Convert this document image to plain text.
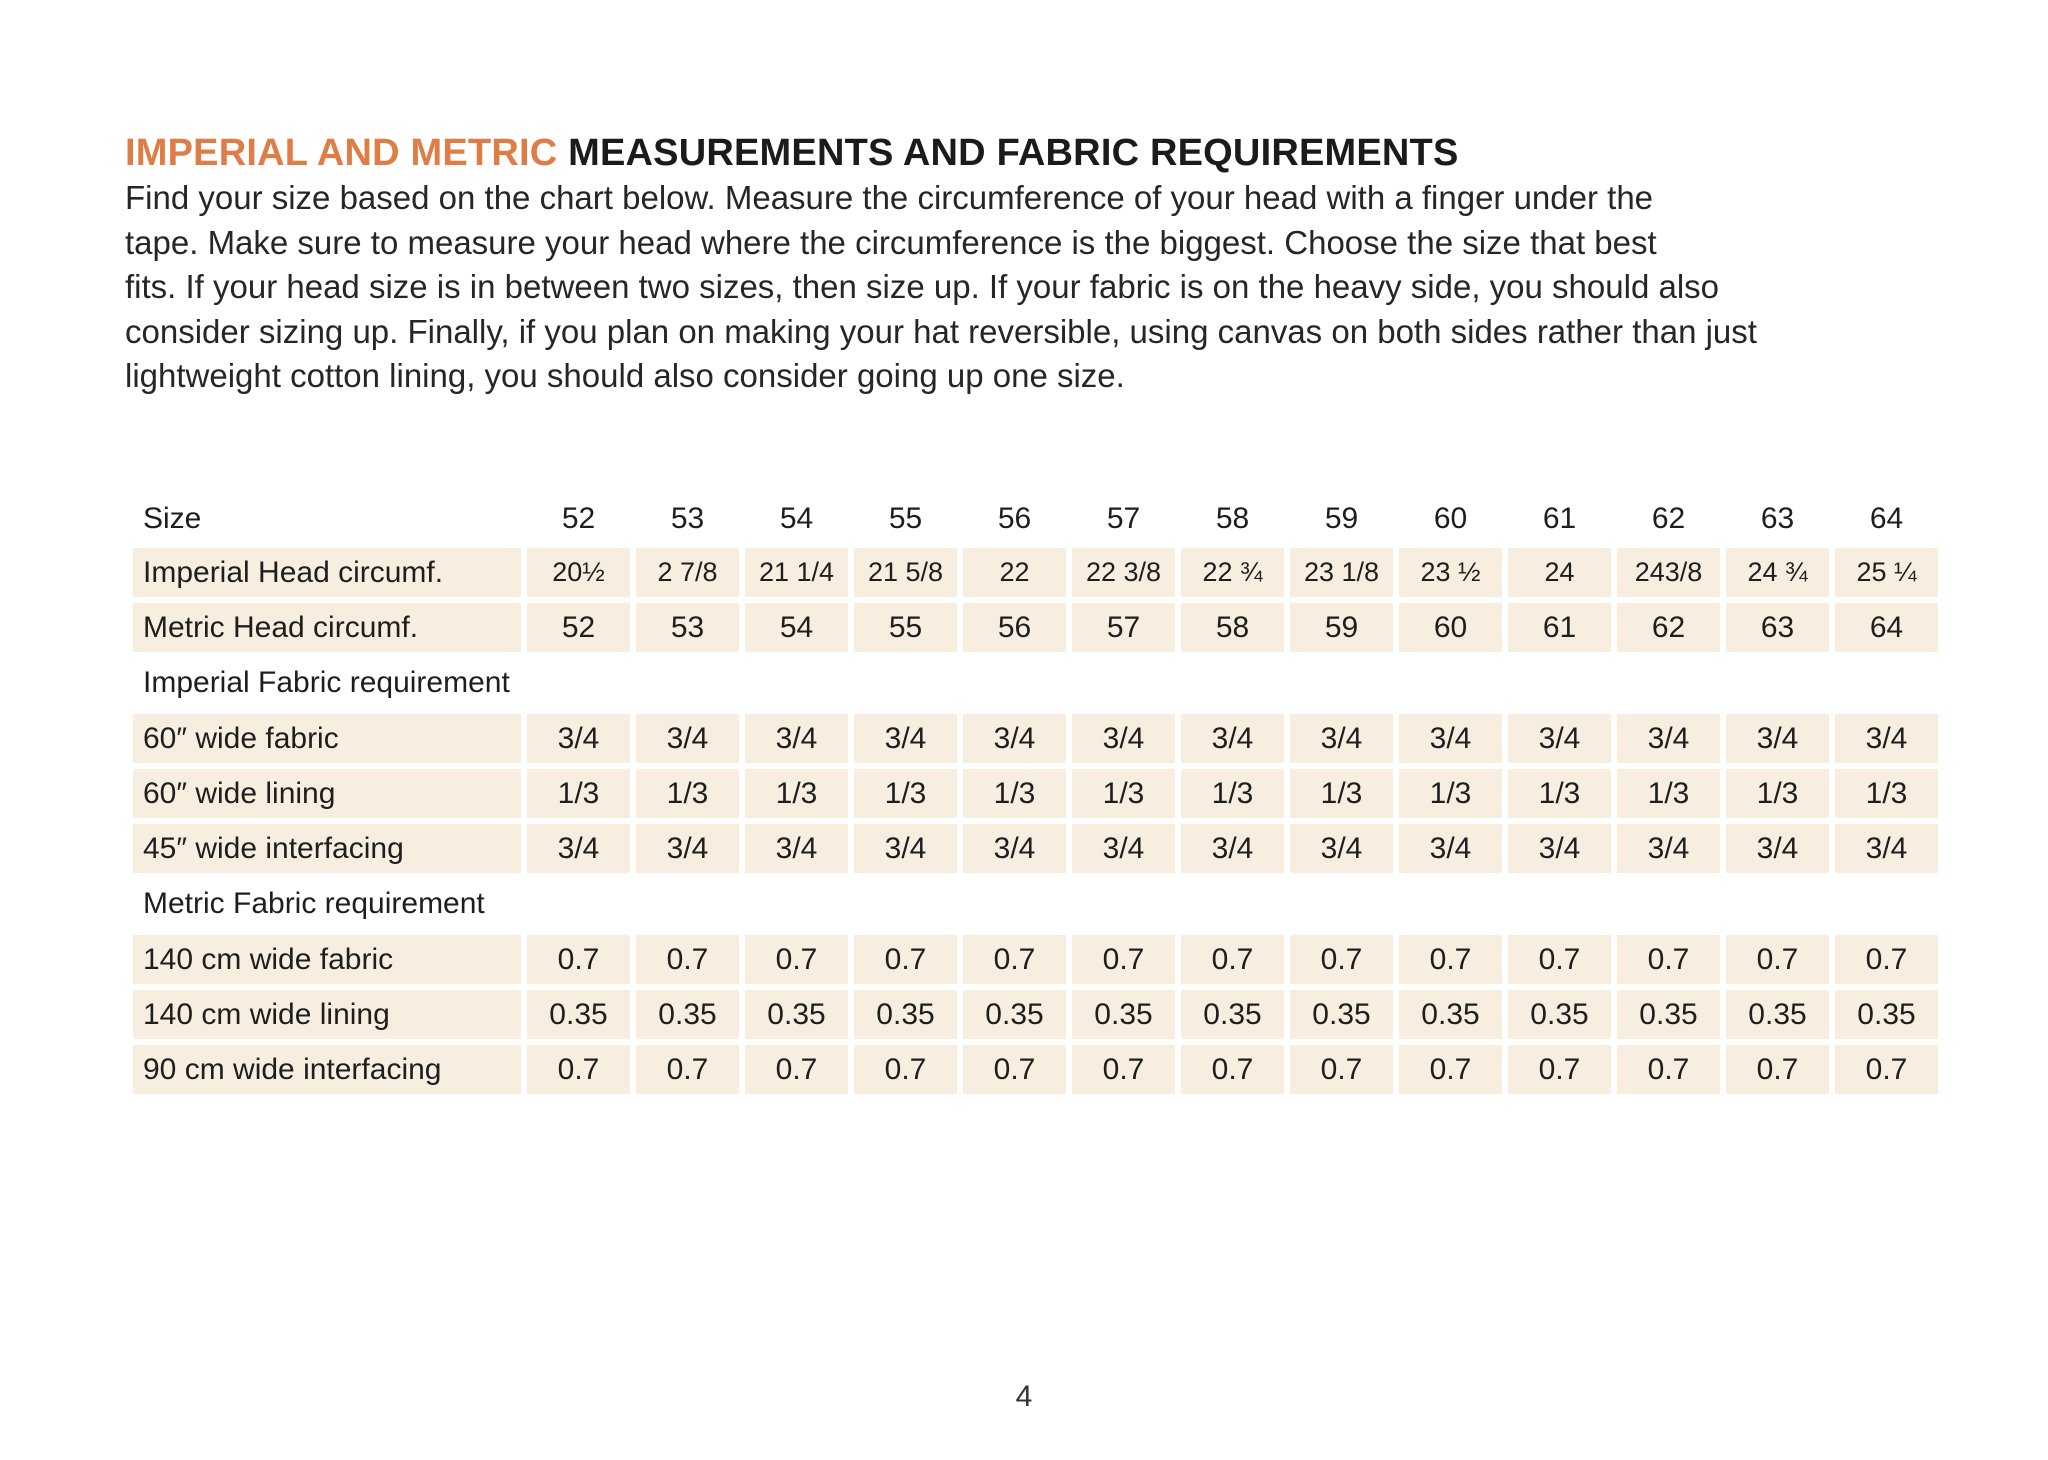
IMPERIAL AND METRIC MEASUREMENTS AND FABRIC REQUIREMENTS

Find your size based on the chart below. Measure the circumference of your head with a finger under the
tape. Make sure to measure your head where the circumference is the biggest. Choose the size that best
fits. If your head size is in between two sizes, then size up. If your fabric is on the heavy side, you should also
consider sizing up. Finally, if you plan on making your hat reversible, using canvas on both sides rather than just
lightweight cotton lining, you should also consider going up one size.

Size	52	53	54	55	56	57	58	59	60	61	62	63	64
Imperial Head circumf.	20½	2 7/8	21 1/4	21 5/8	22	22 3/8	22 ¾	23 1/8	23 ½	24	243/8	24 ¾	25 ¼
Metric Head circumf.	52	53	54	55	56	57	58	59	60	61	62	63	64
Imperial Fabric requirement													
60″ wide fabric	3/4	3/4	3/4	3/4	3/4	3/4	3/4	3/4	3/4	3/4	3/4	3/4	3/4
60″ wide lining	1/3	1/3	1/3	1/3	1/3	1/3	1/3	1/3	1/3	1/3	1/3	1/3	1/3
45″ wide interfacing	3/4	3/4	3/4	3/4	3/4	3/4	3/4	3/4	3/4	3/4	3/4	3/4	3/4
Metric Fabric requirement													
140 cm wide fabric	0.7	0.7	0.7	0.7	0.7	0.7	0.7	0.7	0.7	0.7	0.7	0.7	0.7
140 cm wide lining	0.35	0.35	0.35	0.35	0.35	0.35	0.35	0.35	0.35	0.35	0.35	0.35	0.35
90 cm wide interfacing	0.7	0.7	0.7	0.7	0.7	0.7	0.7	0.7	0.7	0.7	0.7	0.7	0.7
4
